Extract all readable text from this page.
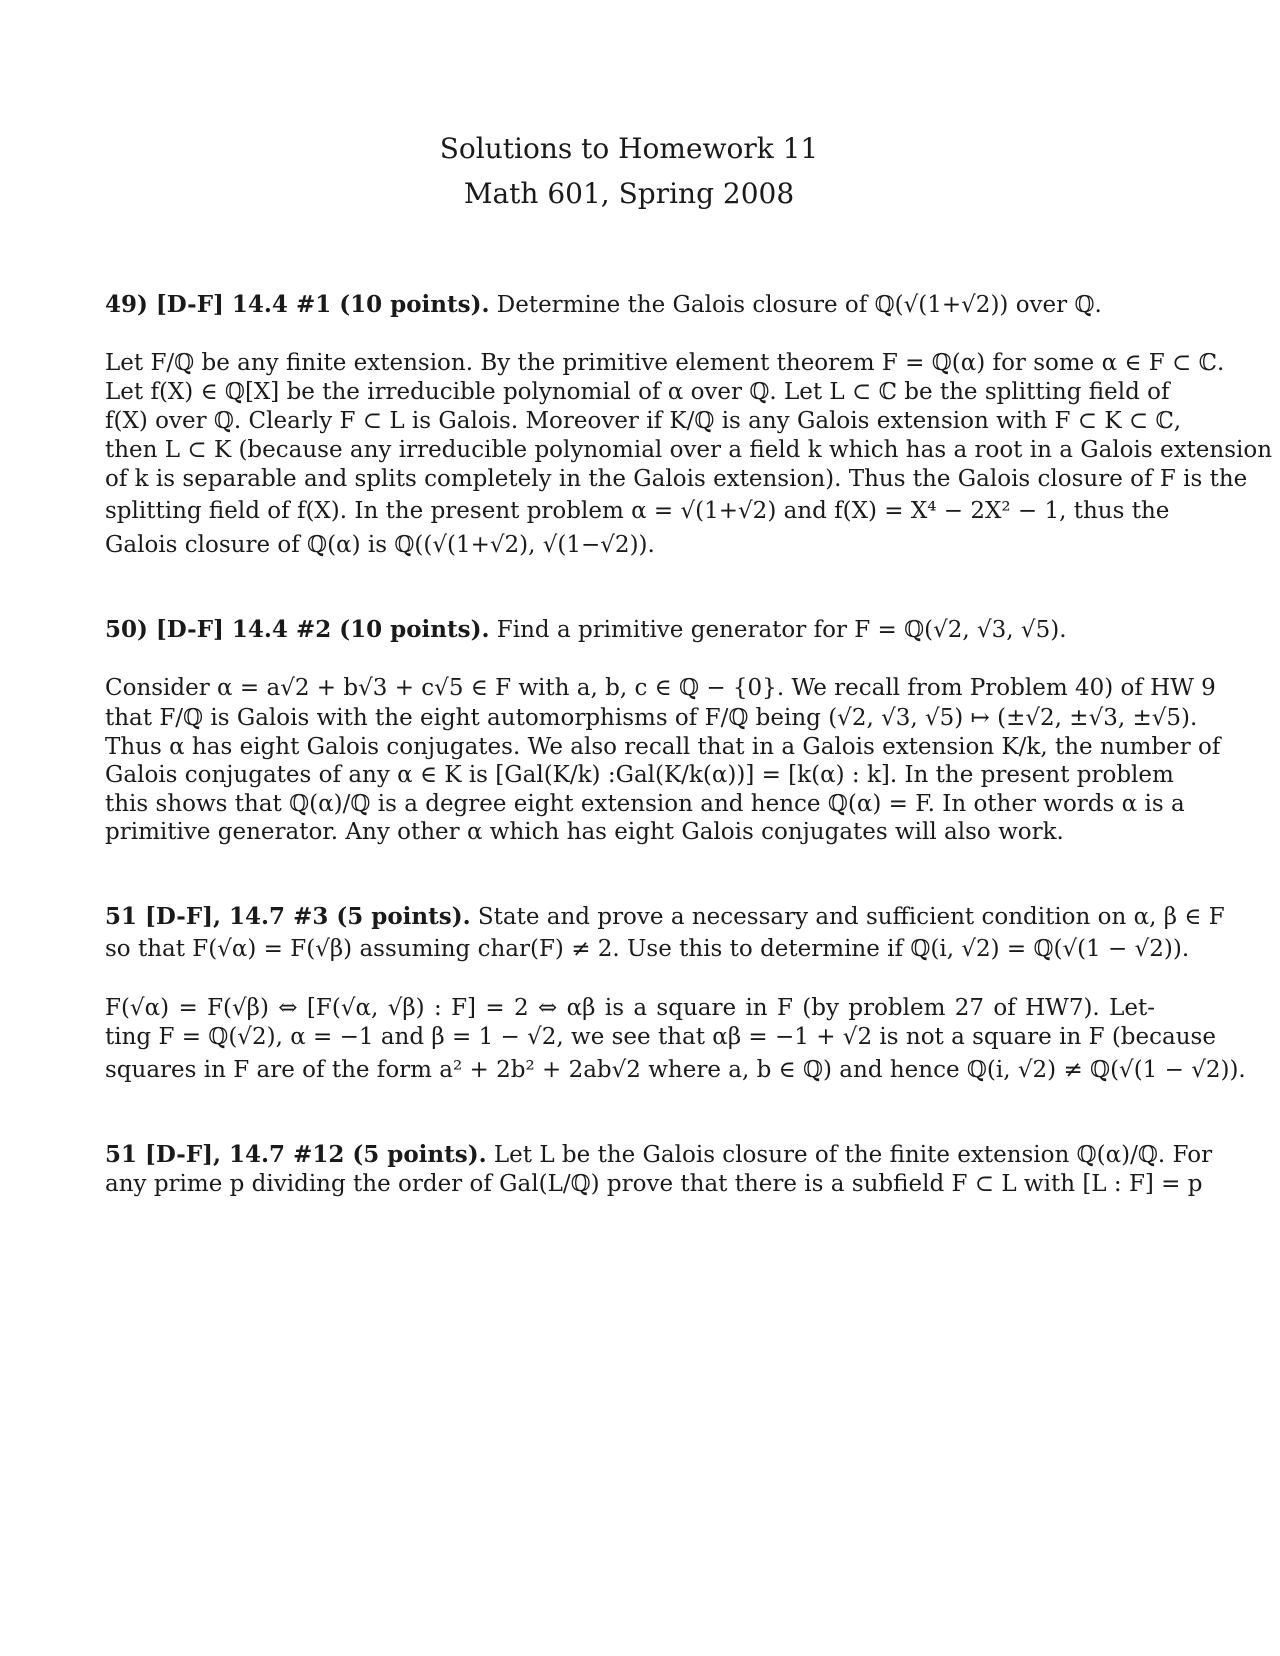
Solutions to Homework 11
Math 601, Spring 2008
49) [D-F] 14.4 #1 (10 points). Determine the Galois closure of ℚ(√(1+√2)) over ℚ.
Let F/ℚ be any finite extension. By the primitive element theorem F = ℚ(α) for some α ∈ F ⊂ ℂ.
Let f(X) ∈ ℚ[X] be the irreducible polynomial of α over ℚ. Let L ⊂ ℂ be the splitting field of
f(X) over ℚ. Clearly F ⊂ L is Galois. Moreover if K/ℚ is any Galois extension with F ⊂ K ⊂ ℂ,
then L ⊂ K (because any irreducible polynomial over a field k which has a root in a Galois extension
of k is separable and splits completely in the Galois extension). Thus the Galois closure of F is the
splitting field of f(X). In the present problem α = √(1+√2) and f(X) = X⁴ − 2X² − 1, thus the
Galois closure of ℚ(α) is ℚ((√(1+√2), √(1−√2)).
50) [D-F] 14.4 #2 (10 points). Find a primitive generator for F = ℚ(√2, √3, √5).
Consider α = a√2 + b√3 + c√5 ∈ F with a, b, c ∈ ℚ − {0}. We recall from Problem 40) of HW 9
that F/ℚ is Galois with the eight automorphisms of F/ℚ being (√2, √3, √5) ↦ (±√2, ±√3, ±√5).
Thus α has eight Galois conjugates. We also recall that in a Galois extension K/k, the number of
Galois conjugates of any α ∈ K is [Gal(K/k) :Gal(K/k(α))] = [k(α) : k]. In the present problem
this shows that ℚ(α)/ℚ is a degree eight extension and hence ℚ(α) = F. In other words α is a
primitive generator. Any other α which has eight Galois conjugates will also work.
51 [D-F], 14.7 #3 (5 points). State and prove a necessary and sufficient condition on α, β ∈ F
so that F(√α) = F(√β) assuming char(F) ≠ 2. Use this to determine if ℚ(i, √2) = ℚ(√(1 − √2)).
F(√α) = F(√β) ⇔ [F(√α, √β) : F] = 2 ⇔ αβ is a square in F (by problem 27 of HW7). Let-
ting F = ℚ(√2), α = −1 and β = 1 − √2, we see that αβ = −1 + √2 is not a square in F (because
squares in F are of the form a² + 2b² + 2ab√2 where a, b ∈ ℚ) and hence ℚ(i, √2) ≠ ℚ(√(1 − √2)).
51 [D-F], 14.7 #12 (5 points). Let L be the Galois closure of the finite extension ℚ(α)/ℚ. For
any prime p dividing the order of Gal(L/ℚ) prove that there is a subfield F ⊂ L with [L : F] = p
